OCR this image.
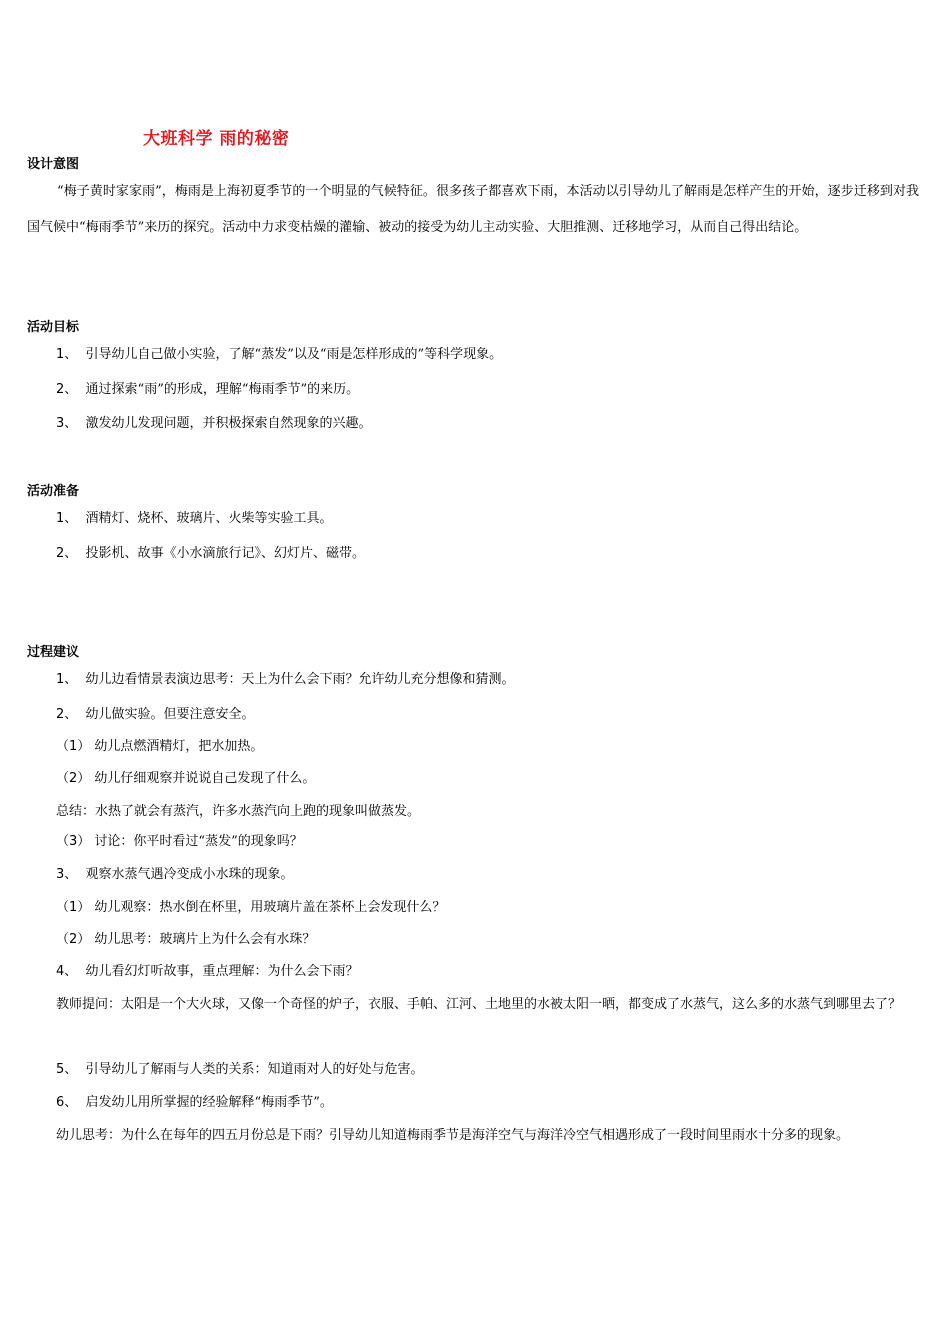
大班科学 雨的秘密
设计意图
“梅子黄时家家雨”，梅雨是上海初夏季节的一个明显的气候特征。很多孩子都喜欢下雨，本活动以引导幼儿了解雨是怎样产生的开始，逐步迁移到对我国气候中“梅雨季节”来历的探究。活动中力求变枯燥的灌输、被动的接受为幼儿主动实验、大胆推测、迁移地学习，从而自己得出结论。
活动目标
1、 引导幼儿自己做小实验，了解“蒸发”以及“雨是怎样形成的”等科学现象。
2、 通过探索“雨”的形成，理解“梅雨季节”的来历。
3、 激发幼儿发现问题，并积极探索自然现象的兴趣。
活动准备
1、 酒精灯、烧杯、玻璃片、火柴等实验工具。
2、 投影机、故事《小水滴旅行记》、幻灯片、磁带。
过程建议
1、 幼儿边看情景表演边思考：天上为什么会下雨？允许幼儿充分想像和猜测。
2、 幼儿做实验。但要注意安全。
（1） 幼儿点燃酒精灯，把水加热。
（2） 幼儿仔细观察并说说自己发现了什么。
总结：水热了就会有蒸汽，许多水蒸汽向上跑的现象叫做蒸发。
（3） 讨论：你平时看过“蒸发”的现象吗？
3、 观察水蒸气遇冷变成小水珠的现象。
（1） 幼儿观察：热水倒在杯里，用玻璃片盖在茶杯上会发现什么？
（2） 幼儿思考：玻璃片上为什么会有水珠？
4、 幼儿看幻灯听故事，重点理解：为什么会下雨？
教师提问：太阳是一个大火球，又像一个奇怪的炉子，衣服、手帕、江河、土地里的水被太阳一晒，都变成了水蒸气，这么多的水蒸气到哪里去了？
5、 引导幼儿了解雨与人类的关系：知道雨对人的好处与危害。
6、 启发幼儿用所掌握的经验解释“梅雨季节”。
幼儿思考：为什么在每年的四五月份总是下雨？引导幼儿知道梅雨季节是海洋空气与海洋冷空气相遇形成了一段时间里雨水十分多的现象。
